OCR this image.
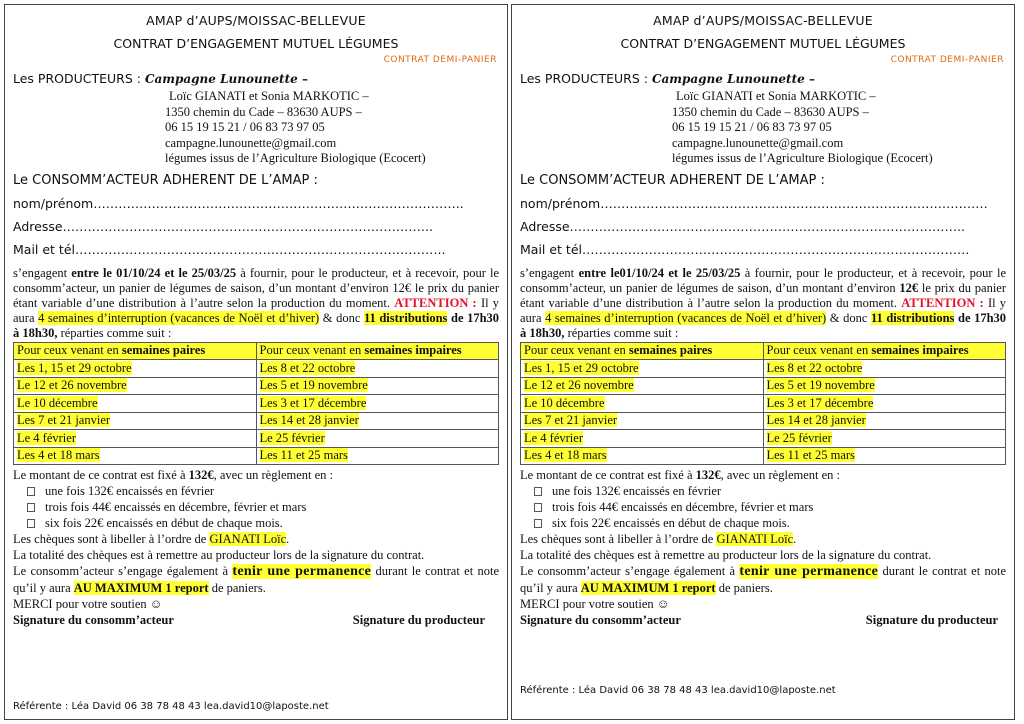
AMAP d’AUPS/MOISSAC-BELLEVUE
CONTRAT D’ENGAGEMENT MUTUEL LÉGUMES
CONTRAT DEMI-PANIER
Les PRODUCTEURS : Campagne Lunounette –
Loïc GIANATI et Sonia MARKOTIC –
1350 chemin du Cade – 83630 AUPS –
06 15 19 15 21 / 06 83 73 97 05
campagne.lunounette@gmail.com
légumes issus de l’Agriculture Biologique (Ecocert)
Le CONSOMM’ACTEUR ADHERENT DE L’AMAP :
nom/prénom……………………………………………………………………………..
Adresse……………………………………………………………………………..
Mail et tél……………………………………………………………………………..
s’engagent entre le 01/10/24 et le 25/03/25 à fournir, pour le producteur, et à recevoir, pour le consomm’acteur, un panier de légumes de saison, d’un montant d’environ 12€ le prix du panier étant variable d’une distribution à l’autre selon la production du moment. ATTENTION : Il y aura 4 semaines d’interruption (vacances de Noël et d’hiver) & donc 11 distributions de 17h30 à 18h30, réparties comme suit :
Pour ceux venant en semaines paires	Pour ceux venant en semaines impaires
Les 1, 15 et 29 octobre	Les 8 et 22 octobre
Le 12 et 26 novembre	Les 5 et 19 novembre
Le 10 décembre	Les 3 et 17 décembre
Les 7 et 21 janvier	Les 14 et 28 janvier
Le 4 février	Le 25 février
Les 4 et 18 mars	Les 11 et 25 mars
Le montant de ce contrat est fixé à 132€, avec un règlement en :
une fois 132€ encaissés en février
trois fois 44€ encaissés en décembre, février et mars
six fois 22€ encaissés en début de chaque mois.
Les chèques sont à libeller à l’ordre de GIANATI Loïc.
La totalité des chèques est à remettre au producteur lors de la signature du contrat.
Le consomm’acteur s’engage également à tenir une permanence durant le contrat et note qu’il y aura AU MAXIMUM 1 report de paniers.
MERCI pour votre soutien ☺
Signature du consomm’acteur	Signature du producteur
Référente : Léa David 06 38 78 48 43 lea.david10@laposte.net
AMAP d’AUPS/MOISSAC-BELLEVUE
CONTRAT D’ENGAGEMENT MUTUEL LÉGUMES
CONTRAT DEMI-PANIER
Les PRODUCTEURS : Campagne Lunounette –
Loïc GIANATI et Sonia MARKOTIC –
1350 chemin du Cade – 83630 AUPS –
06 15 19 15 21 / 06 83 73 97 05
campagne.lunounette@gmail.com
légumes issus de l’Agriculture Biologique (Ecocert)
Le CONSOMM’ACTEUR ADHERENT DE L’AMAP :
nom/prénom…………………………………………………………………………………
Adresse…………………………………………………………………………………..
Mail et tél…………………………………………………………………………………
s’engagent entre le01/10/24 et le 25/03/25 à fournir, pour le producteur, et à recevoir, pour le consomm’acteur, un panier de légumes de saison, d’un montant d’environ 12€ le prix du panier étant variable d’une distribution à l’autre selon la production du moment. ATTENTION : Il y aura 4 semaines d’interruption (vacances de Noël et d’hiver) & donc 11 distributions de 17h30 à 18h30, réparties comme suit :
Pour ceux venant en semaines paires	Pour ceux venant en semaines impaires
Les 1, 15 et 29 octobre	Les 8 et 22 octobre
Le 12 et 26 novembre	Les 5 et 19 novembre
Le 10 décembre	Les 3 et 17 décembre
Les 7 et 21 janvier	Les 14 et 28 janvier
Le 4 février	Le 25 février
Les 4 et 18 mars	Les 11 et 25 mars
Le montant de ce contrat est fixé à 132€, avec un règlement en :
une fois 132€ encaissés en février
trois fois 44€ encaissés en décembre, février et mars
six fois 22€ encaissés en début de chaque mois.
Les chèques sont à libeller à l’ordre de GIANATI Loïc.
La totalité des chèques est à remettre au producteur lors de la signature du contrat.
Le consomm’acteur s’engage également à tenir une permanence durant le contrat et note qu’il y aura AU MAXIMUM 1 report de paniers.
MERCI pour votre soutien ☺
Signature du consomm’acteur	Signature du producteur
Référente : Léa David 06 38 78 48 43 lea.david10@laposte.net
